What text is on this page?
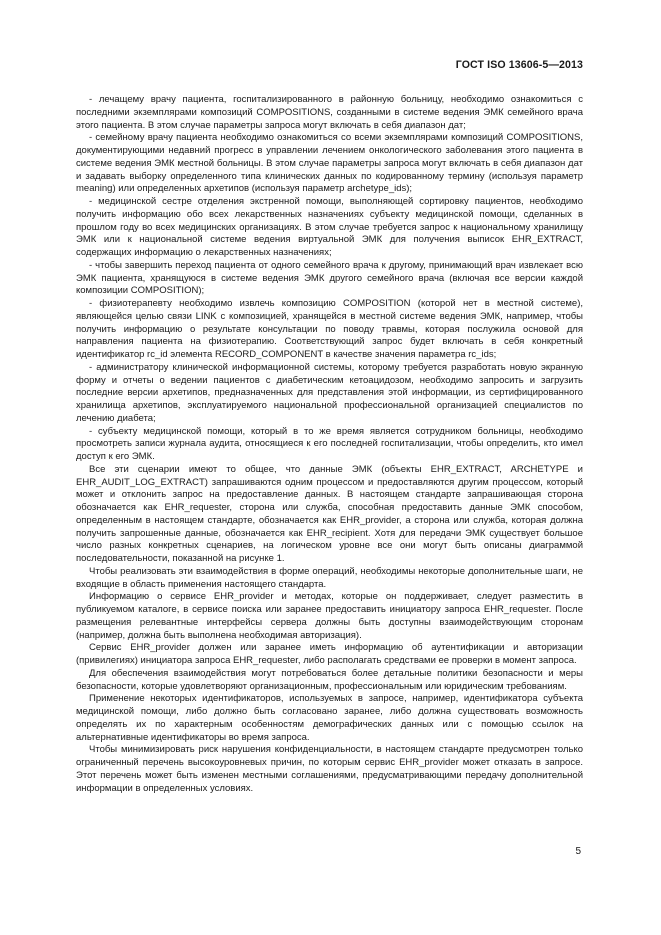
ГОСТ ISO 13606-5—2013

- лечащему врачу пациента, госпитализированного в районную больницу, необходимо ознакомиться с последними экземплярами композиций COMPOSITIONS, созданными в системе ведения ЭМК семейного врача этого пациента. В этом случае параметры запроса могут включать в себя диапазон дат;

- семейному врачу пациента необходимо ознакомиться со всеми экземплярами композиций COMPOSITIONS, документирующими недавний прогресс в управлении лечением онкологического заболевания этого пациента в системе ведения ЭМК местной больницы. В этом случае параметры запроса могут включать в себя диапазон дат и задавать выборку определенного типа клинических данных по кодированному термину (используя параметр meaning) или определенных архетипов (используя параметр archetype_ids);

- медицинской сестре отделения экстренной помощи, выполняющей сортировку пациентов, необходимо получить информацию обо всех лекарственных назначениях субъекту медицинской помощи, сделанных в прошлом году во всех медицинских организациях. В этом случае требуется запрос к национальному хранилищу ЭМК или к национальной системе ведения виртуальной ЭМК для получения выписок EHR_EXTRACT, содержащих информацию о лекарственных назначениях;

- чтобы завершить переход пациента от одного семейного врача к другому, принимающий врач извлекает всю ЭМК пациента, хранящуюся в системе ведения ЭМК другого семейного врача (включая все версии каждой композиции COMPOSITION);

- физиотерапевту необходимо извлечь композицию COMPOSITION (которой нет в местной системе), являющейся целью связи LINK с композицией, хранящейся в местной системе ведения ЭМК, например, чтобы получить информацию о результате консультации по поводу травмы, которая послужила основой для направления пациента на физиотерапию. Соответствующий запрос будет включать в себя конкретный идентификатор rc_id элемента RECORD_COMPONENT в качестве значения параметра rc_ids;

- администратору клинической информационной системы, которому требуется разработать новую экранную форму и отчеты о ведении пациентов с диабетическим кетоацидозом, необходимо запросить и загрузить последние версии архетипов, предназначенных для представления этой информации, из сертифицированного хранилища архетипов, эксплуатируемого национальной профессиональной организацией специалистов по лечению диабета;

- субъекту медицинской помощи, который в то же время является сотрудником больницы, необходимо просмотреть записи журнала аудита, относящиеся к его последней госпитализации, чтобы определить, кто имел доступ к его ЭМК.

Все эти сценарии имеют то общее, что данные ЭМК (объекты EHR_EXTRACT, ARCHETYPE и EHR_AUDIT_LOG_EXTRACT) запрашиваются одним процессом и предоставляются другим процессом, который может и отклонить запрос на предоставление данных. В настоящем стандарте запрашивающая сторона обозначается как EHR_requester, сторона или служба, способная предоставить данные ЭМК способом, определенным в настоящем стандарте, обозначается как EHR_provider, а сторона или служба, которая должна получить запрошенные данные, обозначается как EHR_recipient. Хотя для передачи ЭМК существует большое число разных конкретных сценариев, на логическом уровне все они могут быть описаны диаграммой последовательности, показанной на рисунке 1.

Чтобы реализовать эти взаимодействия в форме операций, необходимы некоторые дополнительные шаги, не входящие в область применения настоящего стандарта.

Информацию о сервисе EHR_provider и методах, которые он поддерживает, следует разместить в публикуемом каталоге, в сервисе поиска или заранее предоставить инициатору запроса EHR_requester. После размещения релевантные интерфейсы сервера должны быть доступны взаимодействующим сторонам (например, должна быть выполнена необходимая авторизация).

Сервис EHR_provider должен или заранее иметь информацию об аутентификации и авторизации (привилегиях) инициатора запроса EHR_requester, либо располагать средствами ее проверки в момент запроса.

Для обеспечения взаимодействия могут потребоваться более детальные политики безопасности и меры безопасности, которые удовлетворяют организационным, профессиональным или юридическим требованиям.

Применение некоторых идентификаторов, используемых в запросе, например, идентификатора субъекта медицинской помощи, либо должно быть согласовано заранее, либо должна существовать возможность определять их по характерным особенностям демографических данных или с помощью ссылок на альтернативные идентификаторы во время запроса.

Чтобы минимизировать риск нарушения конфиденциальности, в настоящем стандарте предусмотрен только ограниченный перечень высокоуровневых причин, по которым сервис EHR_provider может отказать в запросе. Этот перечень может быть изменен местными соглашениями, предусматривающими передачу дополнительной информации в определенных условиях.

5
